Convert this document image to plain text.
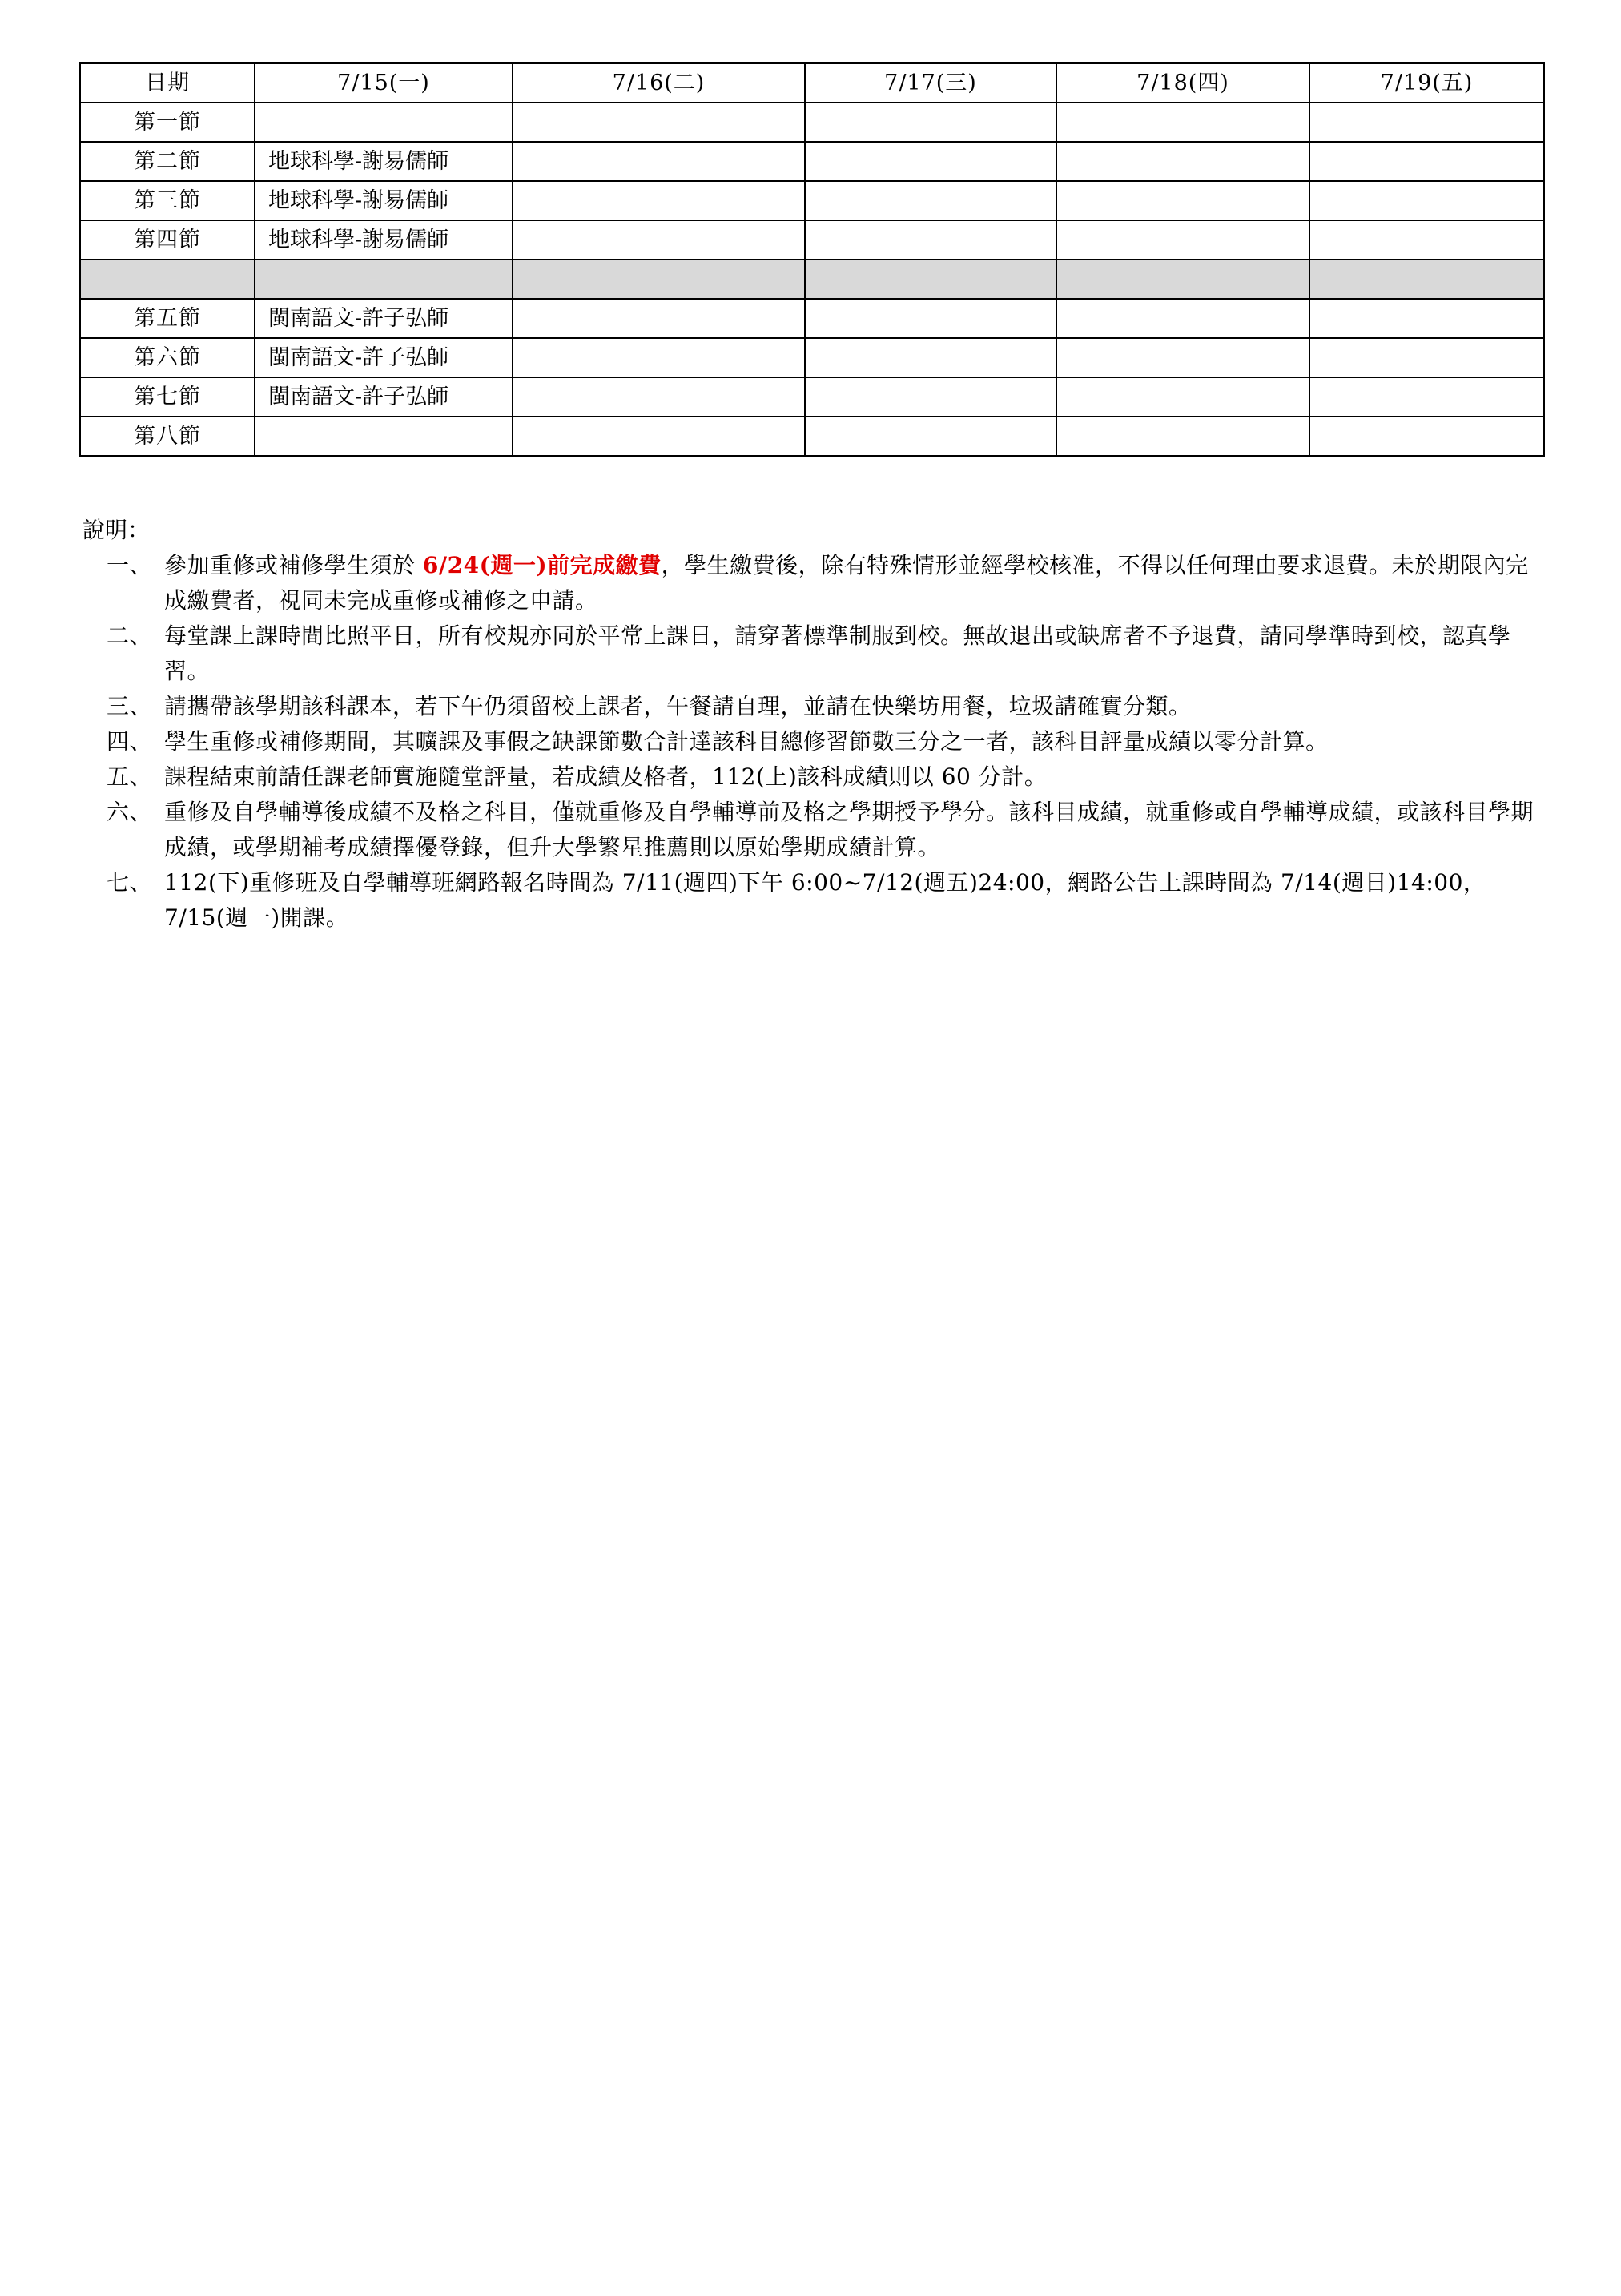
日期	7/15(一)	7/16(二)	7/17(三)	7/18(四)	7/19(五)
第一節					
第二節	地球科學-謝易儒師				
第三節	地球科學-謝易儒師				
第四節	地球科學-謝易儒師				

第五節	閩南語文-許子弘師				
第六節	閩南語文-許子弘師				
第七節	閩南語文-許子弘師				
第八節					

說明：

一、 參加重修或補修學生須於 6/24(週一)前完成繳費，學生繳費後，除有特殊情形並經學校核准，不得以任何理由要求退費。未於期限內完成繳費者，視同未完成重修或補修之申請。

二、 每堂課上課時間比照平日，所有校規亦同於平常上課日，請穿著標準制服到校。無故退出或缺席者不予退費，請同學準時到校，認真學習。

三、 請攜帶該學期該科課本，若下午仍須留校上課者，午餐請自理，並請在快樂坊用餐，垃圾請確實分類。

四、 學生重修或補修期間，其曠課及事假之缺課節數合計達該科目總修習節數三分之一者，該科目評量成績以零分計算。

五、 課程結束前請任課老師實施隨堂評量，若成績及格者，112(上)該科成績則以 60 分計。

六、 重修及自學輔導後成績不及格之科目，僅就重修及自學輔導前及格之學期授予學分。該科目成績，就重修或自學輔導成績，或該科目學期成績，或學期補考成績擇優登錄，但升大學繁星推薦則以原始學期成績計算。

七、 112(下)重修班及自學輔導班網路報名時間為 7/11(週四)下午 6:00~7/12(週五)24:00，網路公告上課時間為 7/14(週日)14:00，7/15(週一)開課。
